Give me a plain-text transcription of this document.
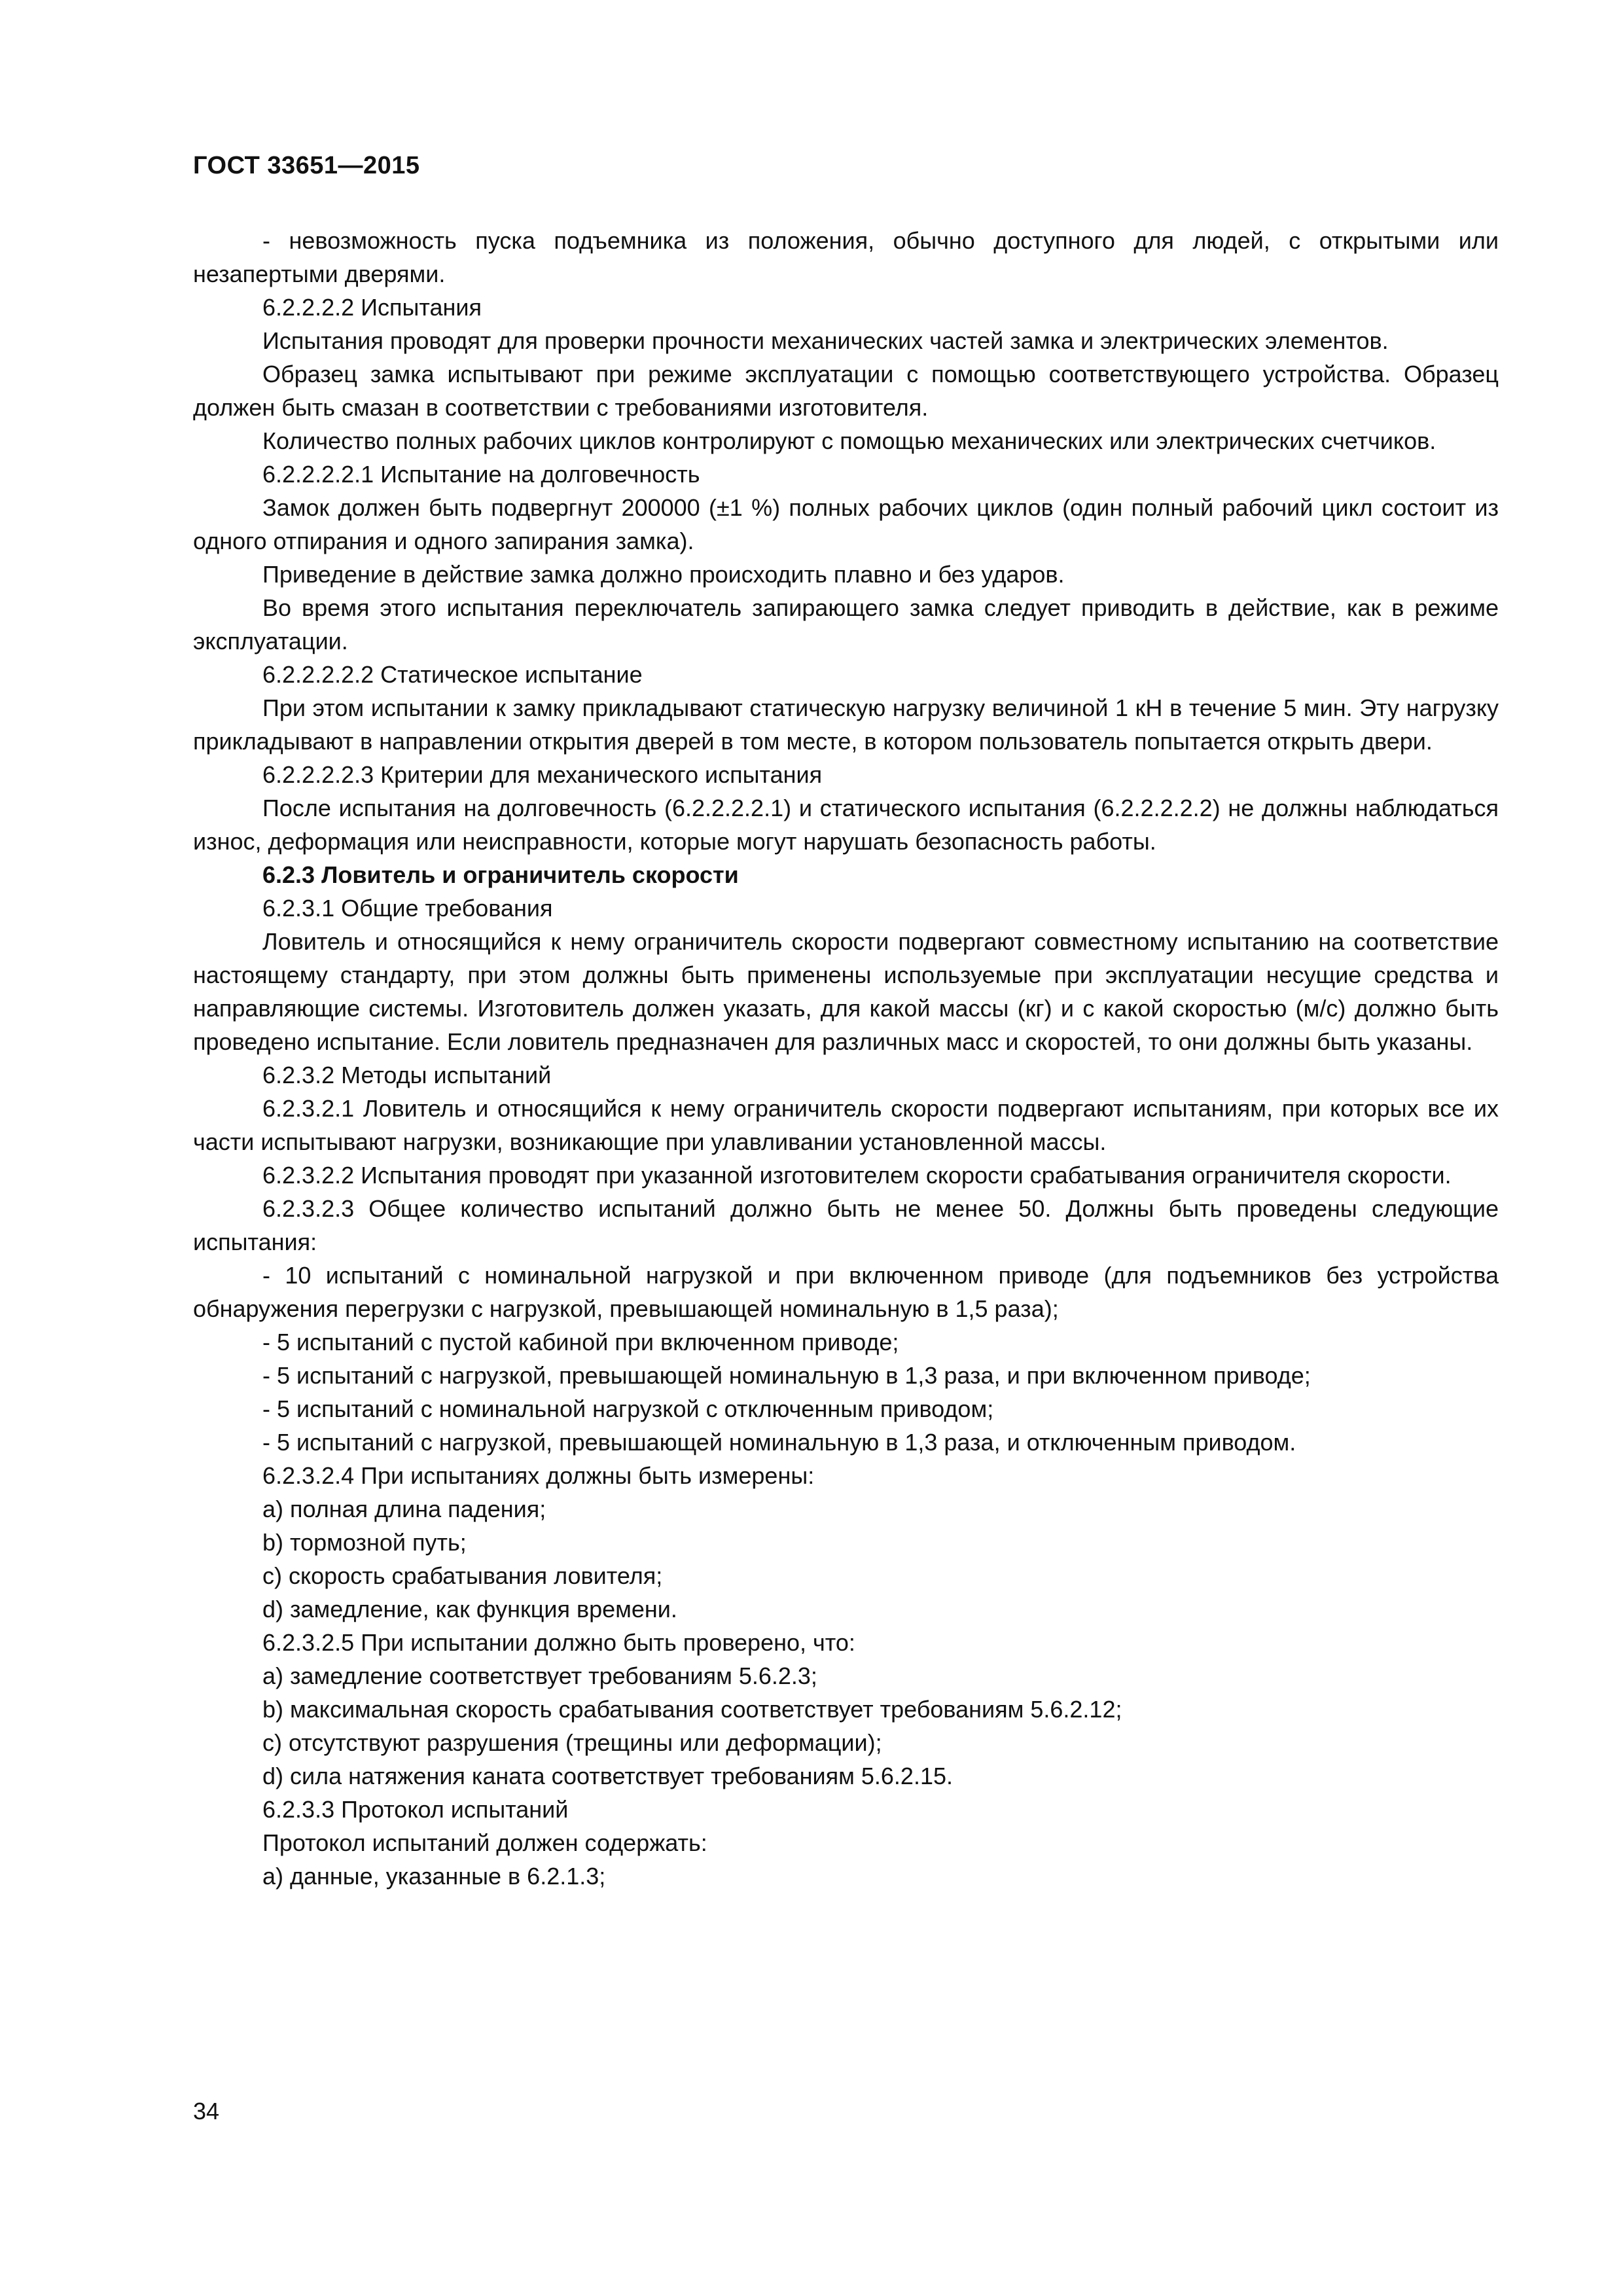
ГОСТ 33651—2015

- невозможность пуска подъемника из положения, обычно доступного для людей, с открытыми или незапертыми дверями.

6.2.2.2.2 Испытания

Испытания проводят для проверки прочности механических частей замка и электрических элементов.

Образец замка испытывают при режиме эксплуатации с помощью соответствующего устройства. Образец должен быть смазан в соответствии с требованиями изготовителя.

Количество полных рабочих циклов контролируют с помощью механических или электрических счетчиков.

6.2.2.2.2.1 Испытание на долговечность

Замок должен быть подвергнут 200000 (±1 %) полных рабочих циклов (один полный рабочий цикл состоит из одного отпирания и одного запирания замка).

Приведение в действие замка должно происходить плавно и без ударов.

Во время этого испытания переключатель запирающего замка следует приводить в действие, как в режиме эксплуатации.

6.2.2.2.2.2 Статическое испытание

При этом испытании к замку прикладывают статическую нагрузку величиной 1 кН в течение 5 мин. Эту нагрузку прикладывают в направлении открытия дверей в том месте, в котором пользователь попытается открыть двери.

6.2.2.2.2.3 Критерии для механического испытания

После испытания на долговечность (6.2.2.2.2.1) и статического испытания (6.2.2.2.2.2) не должны наблюдаться износ, деформация или неисправности, которые могут нарушать безопасность работы.

6.2.3 Ловитель и ограничитель скорости

6.2.3.1 Общие требования

Ловитель и относящийся к нему ограничитель скорости подвергают совместному испытанию на соответствие настоящему стандарту, при этом должны быть применены используемые при эксплуатации несущие средства и направляющие системы. Изготовитель должен указать, для какой массы (кг) и с какой скоростью (м/с) должно быть проведено испытание. Если ловитель предназначен для различных масс и скоростей, то они должны быть указаны.

6.2.3.2 Методы испытаний

6.2.3.2.1 Ловитель и относящийся к нему ограничитель скорости подвергают испытаниям, при которых все их части испытывают нагрузки, возникающие при улавливании установленной массы.

6.2.3.2.2 Испытания проводят при указанной изготовителем скорости срабатывания ограничителя скорости.

6.2.3.2.3 Общее количество испытаний должно быть не менее 50. Должны быть проведены следующие испытания:

- 10 испытаний с номинальной нагрузкой и при включенном приводе (для подъемников без устройства обнаружения перегрузки с нагрузкой, превышающей номинальную в 1,5 раза);

- 5 испытаний с пустой кабиной при включенном приводе;

- 5 испытаний с нагрузкой, превышающей номинальную в 1,3 раза, и при включенном приводе;

- 5 испытаний с номинальной нагрузкой с отключенным приводом;

- 5 испытаний с нагрузкой, превышающей номинальную в 1,3 раза, и отключенным приводом.

6.2.3.2.4 При испытаниях должны быть измерены:

a) полная длина падения;

b) тормозной путь;

c) скорость срабатывания ловителя;

d) замедление, как функция времени.

6.2.3.2.5 При испытании должно быть проверено, что:

a) замедление соответствует требованиям 5.6.2.3;

b) максимальная скорость срабатывания соответствует требованиям 5.6.2.12;

c) отсутствуют разрушения (трещины или деформации);

d) сила натяжения каната соответствует требованиям 5.6.2.15.

6.2.3.3 Протокол испытаний

Протокол испытаний должен содержать:

a) данные, указанные в 6.2.1.3;

34
